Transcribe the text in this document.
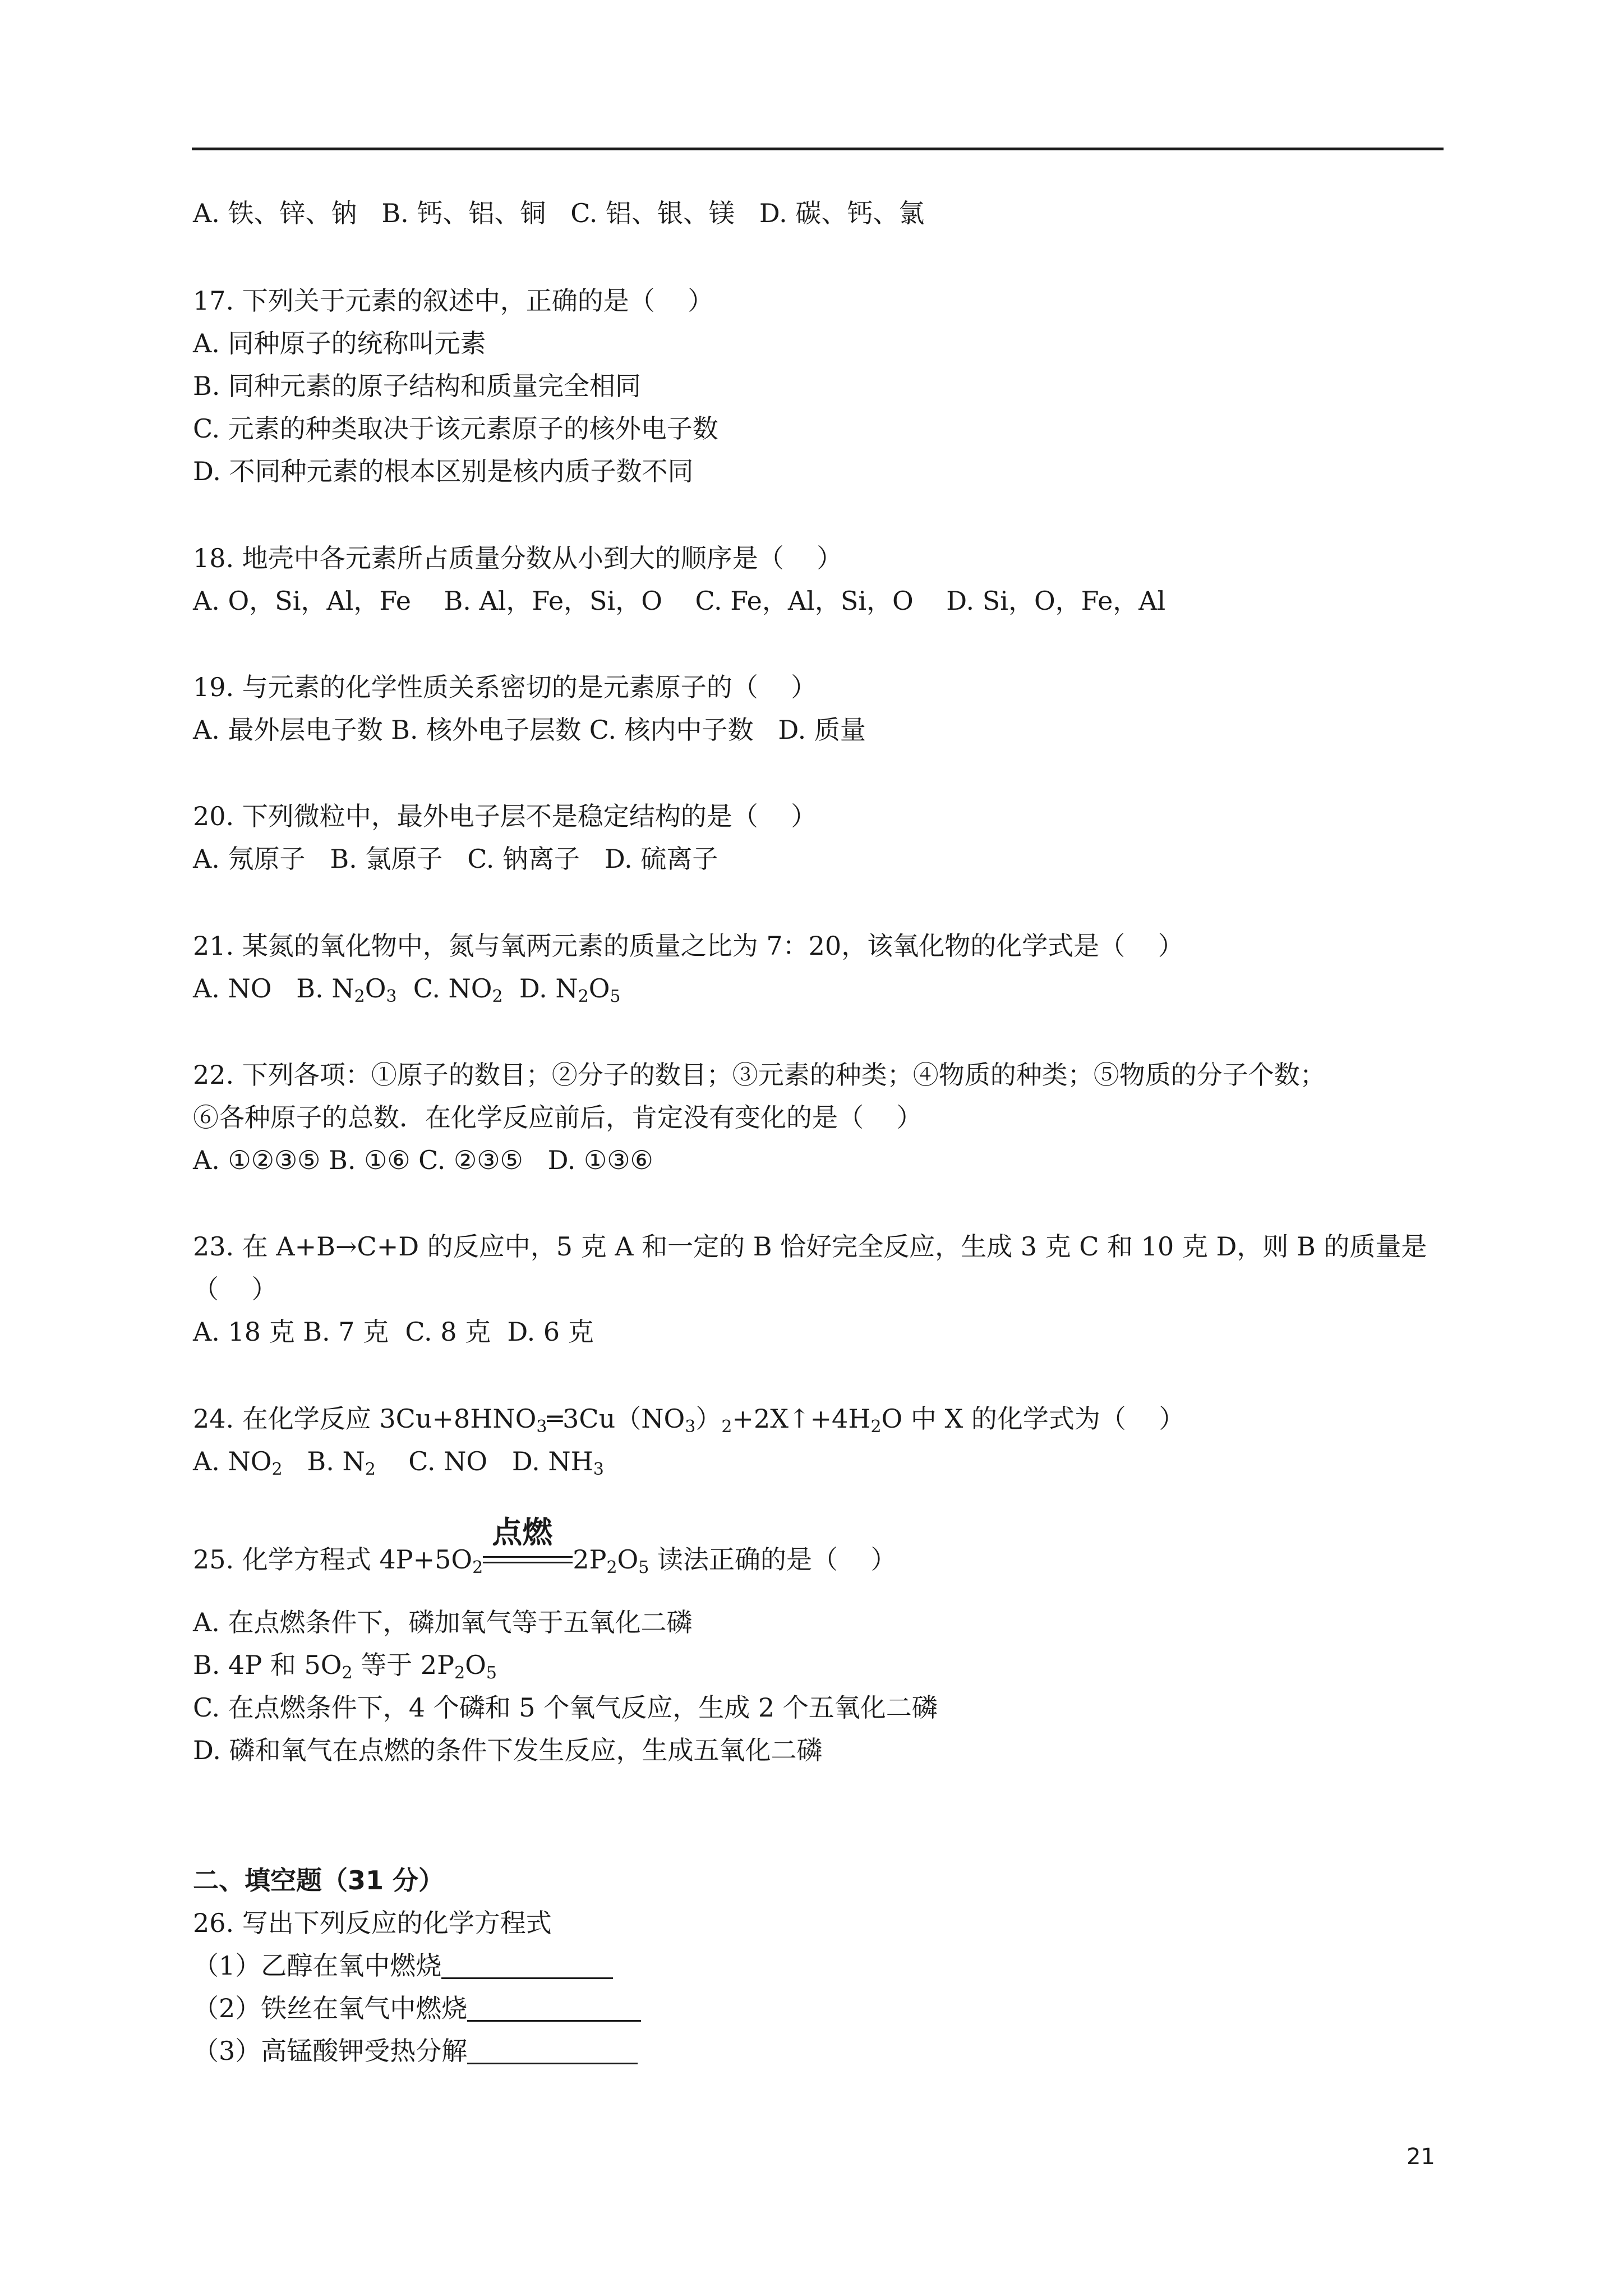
A. 铁、锌、钠   B. 钙、铝、铜   C. 铝、银、镁   D. 碳、钙、氯
17. 下列关于元素的叙述中，正确的是（    ）
A. 同种原子的统称叫元素
B. 同种元素的原子结构和质量完全相同
C. 元素的种类取决于该元素原子的核外电子数
D. 不同种元素的根本区别是核内质子数不同
18. 地壳中各元素所占质量分数从小到大的顺序是（    ）
A. O，Si，Al，Fe    B. Al，Fe，Si，O    C. Fe，Al，Si，O    D. Si，O，Fe，Al
19. 与元素的化学性质关系密切的是元素原子的（    ）
A. 最外层电子数 B. 核外电子层数 C. 核内中子数   D. 质量
20. 下列微粒中，最外电子层不是稳定结构的是（    ）
A. 氖原子   B. 氯原子   C. 钠离子   D. 硫离子
21. 某氮的氧化物中，氮与氧两元素的质量之比为 7：20，该氧化物的化学式是（    ）
A. NO   B. $N_2O_3$  C. $NO_2$  D. $N_2O_5$
22. 下列各项：①原子的数目；②分子的数目；③元素的种类；④物质的种类；⑤物质的分子个数；
⑥各种原子的总数．在化学反应前后，肯定没有变化的是（    ）
A. ①②③⑤ B. ①⑥ C. ②③⑤   D. ①③⑥
23. 在 A+B→C+D 的反应中，5 克 A 和一定的 B 恰好完全反应，生成 3 克 C 和 10 克 D，则 B 的质量是
（    ）
A. 18 克 B. 7 克  C. 8 克  D. 6 克
24. 在化学反应 $3Cu+8HNO_3═3Cu(NO_3)_2+2X↑+4H_2O$ 中 X 的化学式为（    ）
A. $NO_2$   B. $N_2$    C. NO   D. $NH_3$
25. 化学方程式 $4P+5O_2$
点燃
$2P_2O_5$ 读法正确的是（    ）
A. 在点燃条件下，磷加氧气等于五氧化二磷
B. 4P 和 $5O_2$ 等于 $2P_2O_5$
C. 在点燃条件下，4 个磷和 5 个氧气反应，生成 2 个五氧化二磷
D. 磷和氧气在点燃的条件下发生反应，生成五氧化二磷
二、填空题（31 分）
26. 写出下列反应的化学方程式
（1）乙醇在氧中燃烧
（2）铁丝在氧气中燃烧
（3）高锰酸钾受热分解
21
